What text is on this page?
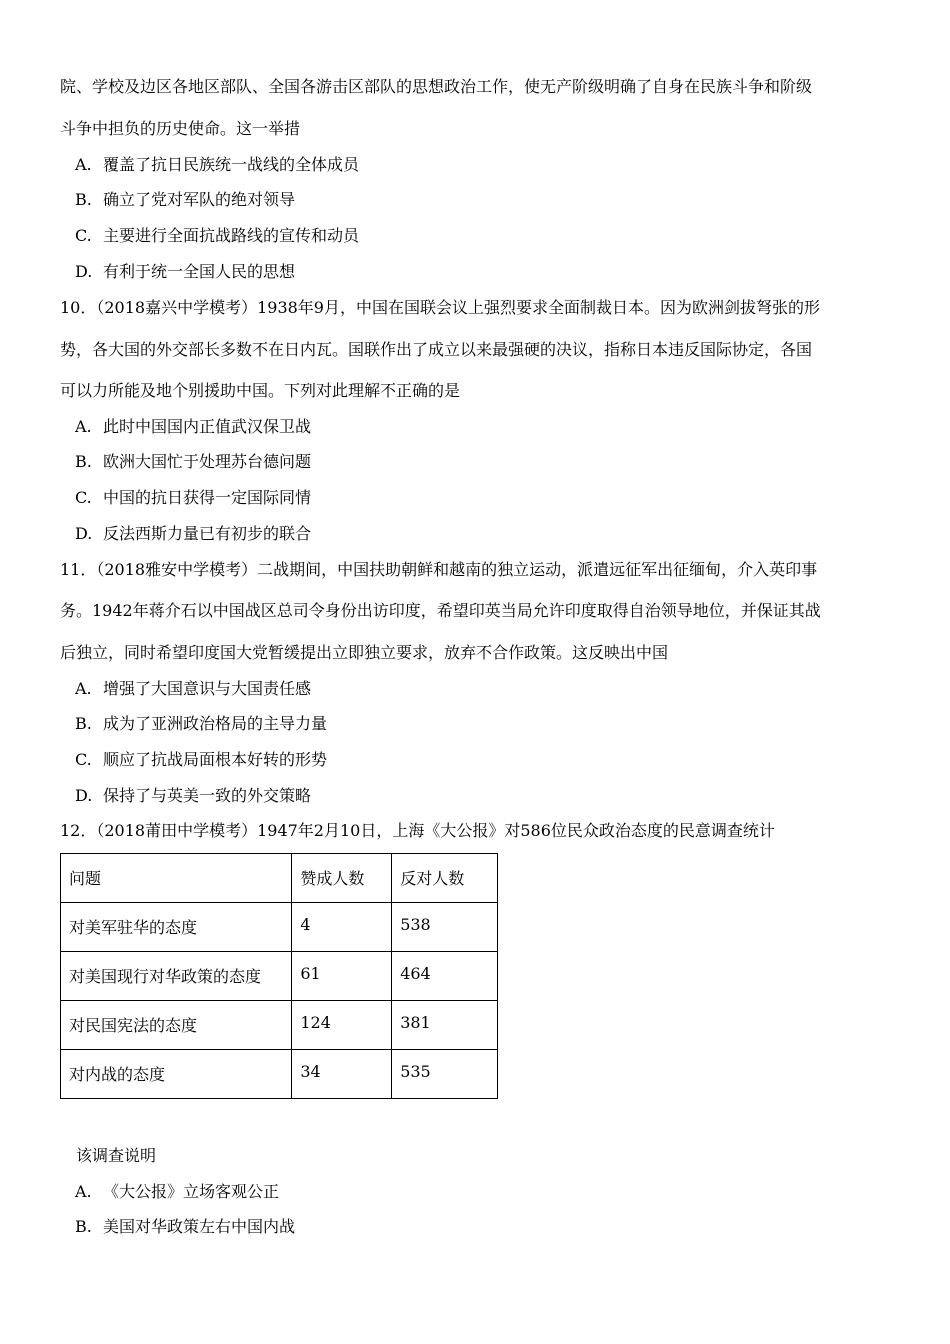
院、学校及边区各地区部队、全国各游击区部队的思想政治工作，使无产阶级明确了自身在民族斗争和阶级
斗争中担负的历史使命。这一举措
A. 覆盖了抗日民族统一战线的全体成员
B. 确立了党对军队的绝对领导
C. 主要进行全面抗战路线的宣传和动员
D. 有利于统一全国人民的思想
10．（2018嘉兴中学模考）1938年9月，中国在国联会议上强烈要求全面制裁日本。因为欧洲剑拔弩张的形
势，各大国的外交部长多数不在日内瓦。国联作出了成立以来最强硬的决议，指称日本违反国际协定，各国
可以力所能及地个别援助中国。下列对此理解不正确的是
A. 此时中国国内正值武汉保卫战
B. 欧洲大国忙于处理苏台德问题
C. 中国的抗日获得一定国际同情
D. 反法西斯力量已有初步的联合
11．（2018雅安中学模考）二战期间，中国扶助朝鲜和越南的独立运动，派遣远征军出征缅甸，介入英印事
务。1942年蒋介石以中国战区总司令身份出访印度，希望印英当局允许印度取得自治领导地位，并保证其战
后独立，同时希望印度国大党暂缓提出立即独立要求，放弃不合作政策。这反映出中国
A. 增强了大国意识与大国责任感
B. 成为了亚洲政治格局的主导力量
C. 顺应了抗战局面根本好转的形势
D. 保持了与英美一致的外交策略
12．（2018莆田中学模考）1947年2月10日，上海《大公报》对586位民众政治态度的民意调查统计
问题	赞成人数	反对人数
对美军驻华的态度	4	538
对美国现行对华政策的态度	61	464
对民国宪法的态度	124	381
对内战的态度	34	535
该调查说明
A. 《大公报》立场客观公正
B. 美国对华政策左右中国内战
